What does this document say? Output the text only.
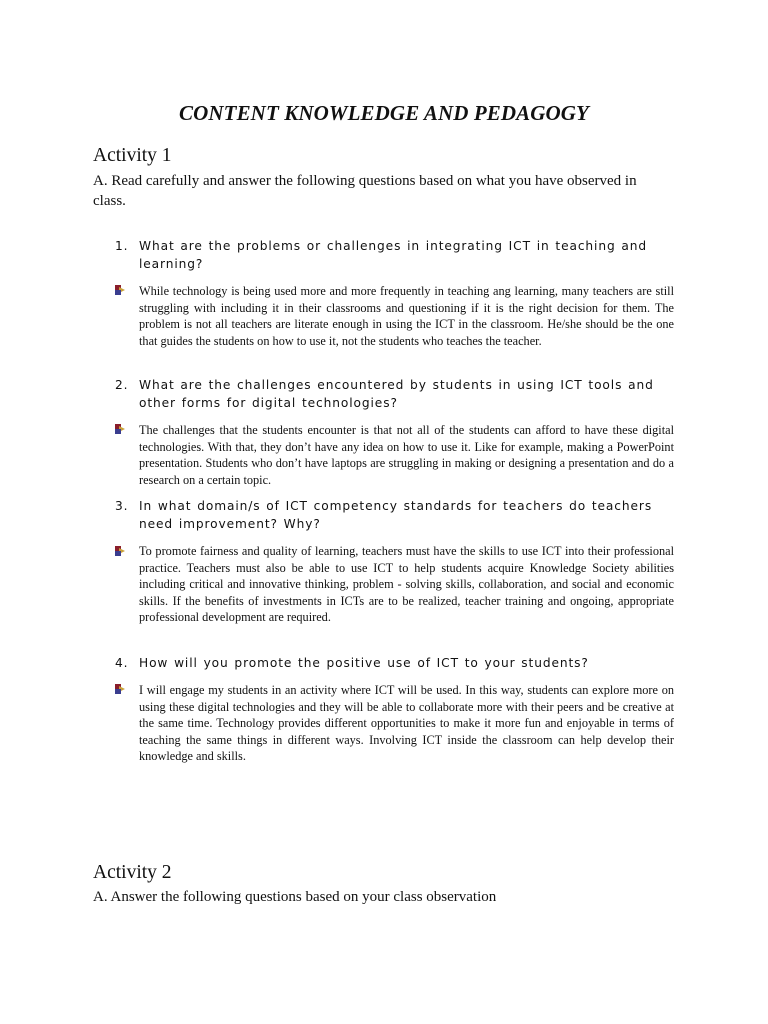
CONTENT KNOWLEDGE AND PEDAGOGY
Activity 1
A. Read carefully and answer the following questions based on what you have observed in class.
1. What are the problems or challenges in integrating ICT in teaching and learning?
While technology is being used more and more frequently in teaching ang learning, many teachers are still struggling with including it in their classrooms and questioning if it is the right decision for them. The problem is not all teachers are literate enough in using the ICT in the classroom. He/she should be the one that guides the students on how to use it, not the students who teaches the teacher.
2. What are the challenges encountered by students in using ICT tools and other forms for digital technologies?
The challenges that the students encounter is that not all of the students can afford to have these digital technologies. With that, they don’t have any idea on how to use it. Like for example, making a PowerPoint presentation. Students who don’t have laptops are struggling in making or designing a presentation and do a research on a certain topic.
3. In what domain/s of ICT competency standards for teachers do teachers need improvement? Why?
To promote fairness and quality of learning, teachers must have the skills to use ICT into their professional practice. Teachers must also be able to use ICT to help students acquire Knowledge Society abilities including critical and innovative thinking, problem - solving skills, collaboration, and social and economic skills. If the benefits of investments in ICTs are to be realized, teacher training and ongoing, appropriate professional development are required.
4. How will you promote the positive use of ICT to your students?
I will engage my students in an activity where ICT will be used. In this way, students can explore more on using these digital technologies and they will be able to collaborate more with their peers and be creative at the same time. Technology provides different opportunities to make it more fun and enjoyable in terms of teaching the same things in different ways. Involving ICT inside the classroom can help develop their knowledge and skills.
Activity 2
A. Answer the following questions based on your class observation
